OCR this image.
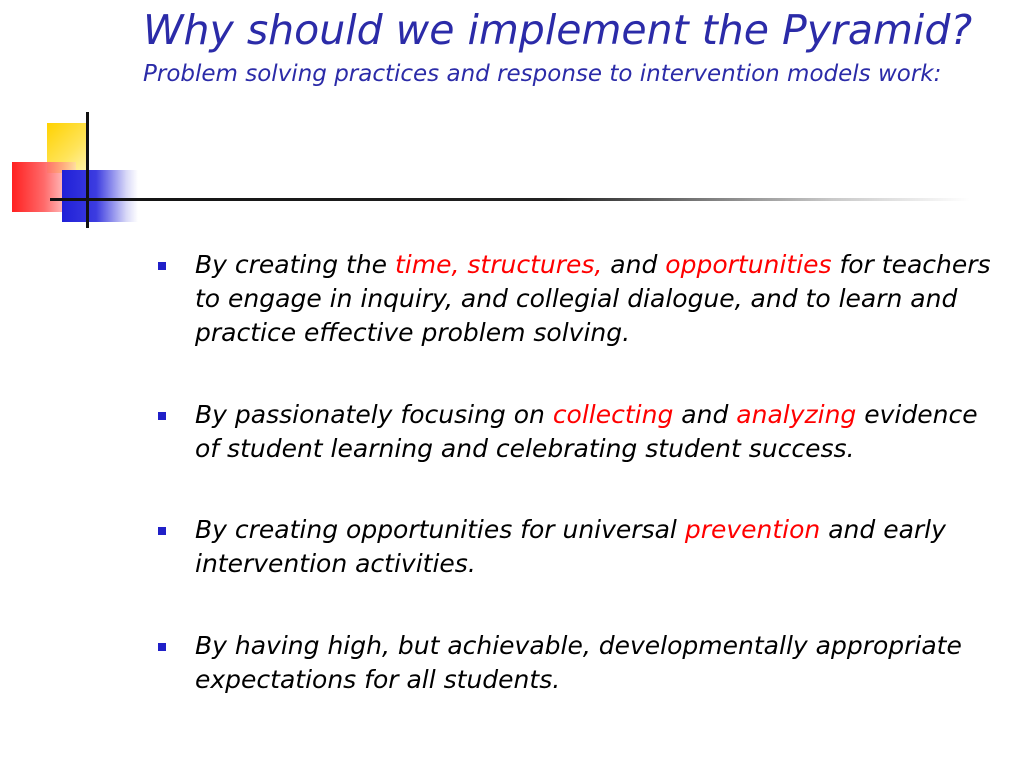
Why should we implement the Pyramid?

Problem solving practices and response to intervention models work:

By creating the time, structures, and opportunities for teachers to engage in inquiry, and collegial dialogue, and to learn and practice effective problem solving.
By passionately focusing on collecting and analyzing evidence of student learning and celebrating student success.
By creating opportunities for universal prevention and early intervention activities.
By having high, but achievable, developmentally appropriate expectations for all students.
